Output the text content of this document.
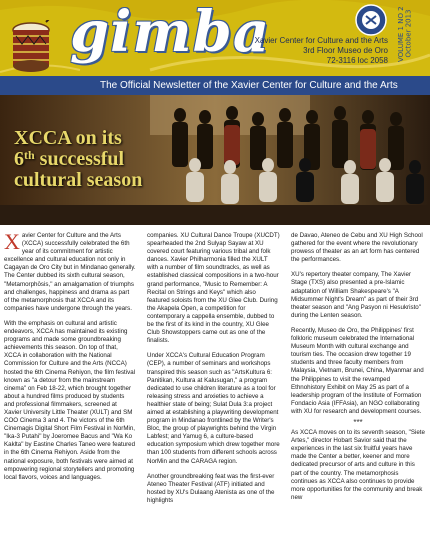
gimba	VOLUME 1 NO 2   October 2013
Xavier Center for Culture and the Arts
3rd Floor Museo de Oro
72-3116 loc 2058
The Official Newsletter of the Xavier Center for Culture and the Arts
XCCA on its
6th successful
cultural season

Xavier Center for Culture and the Arts (XCCA) successfully celebrated the 6th year of its commitment for artistic excellence and cultural education not only in Cagayan de Oro City but in Mindanao generally. The Center dubbed its sixth cultural season, "Metamorphōsis," an amalgamation of triumphs and challenges, happiness and drama as part of the metamorphosis that XCCA and its companies have undergone through the years.

With the emphasis on cultural and artistic endeavors, XCCA has maintained its existing programs and made some groundbreaking achievements this season. On top of that, XCCA in collaboration with the National Commission for Culture and the Arts (NCCA) hosted the 6th Cinema Rehiyon, the film festival known as "a detour from the mainstream cinema" on Feb 18-22, which brought together about a hundred films produced by students and professional filmmakers, screened at Xavier University Little Theater (XULT) and SM COO Cinema 3 and 4. The victors of the 6th Cinemagis Digital Short Film Festival in NorMin, "Ika-3 Putahi" by Joeromee Bacus and "Wa Ko Kaklta" by Eastine Charles Taneo were featured in the 6th Cinema Rehiyon. Aside from the national exposure, both festivals were aimed at empowering regional storytellers and promoting local flavors, voices and languages.

companies. XU Cultural Dance Troupe (XUCDT) spearheaded the 2nd Sulyap Sayaw at XU covered court featuring various tribal and folk dances. Xavier Philharmonia filled the XULT with a number of film soundtracks, as well as established classical compositions in a two-hour grand performance, "Music to Remember: A Recital on Strings and Keys" which also featured soloists from the XU Glee Club. During the Akapela Open, a competition for contemporary a cappella ensemble, dubbed to be the first of its kind in the country, XU Glee Club Showstoppers came out as one of the finalists.

Under XCCA's Cultural Education Program (CEP), a number of seminars and workshops transpired this season such as "ArtsKultura 6: Panitikan, Kultura at Kalusugan," a program dedicated to use children literature as a tool for releasing stress and anxieties to achieve a healthier state of being; Sulat Dula 3:a project aimed at establishing a playwriting development program in Mindanao frontlined by the Writer's Bloc, the group of playwrights behind the Virgin Labfest; and Yamug 6, a culture-based education symposium which drew together more than 100 students from different schools across NorMin and the CARAGA region.

Another groundbreaking feat was the first-ever Ateneo Theater Festival (ATF) initiated and hosted by XU's Dulaang Atenista as one of the highlights

de Davao, Ateneo de Cebu and XU High School gathered for the event where the revolutionary prowess of theater as an art form has centered the performances.

XU's repertory theater company, The Xavier Stage (TXS) also presented a pre-Islamic adaptation of William Shakespeare's "A Midsummer Night's Dream" as part of their 3rd theater season and "Ang Pasyon ni Hesukristo" during the Lenten season.

Recently, Museo de Oro, the Philippines' first folkloric museum celebrated the International Museum Month with cultural exchange and tourism ties. The occasion drew together 19 students and three faculty members from Malaysia, Vietnam, Brunei, China, Myanmar and the Philippines to visit the revamped Ethnohistory Exhibit on May 25 as part of a leadership program of the Institute of Formation Fondacio Asia (IFFAsia), an NGO collaborating with XU for research and development courses.

***

As XCCA moves on to its seventh season, "Siete Artes," director Hobart Savior said that the experiences in the last six fruitful years have made the Center a better, keener and more dedicated precursor of arts and culture in this part of the country. The metamorphosis continues as XCCA also continues to provide more opportunities for the community and break new
